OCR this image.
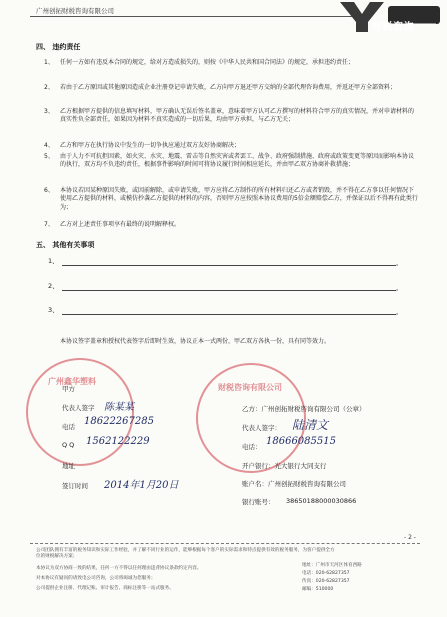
广州创拓财税咨询有限公司
财税咨询
四、 违约责任
1、	任何一方如有违反本合同的规定，给对方造成损失的，则按《中华人民共和国合同法》的规定，承担违约责任；
2、	若由于乙方原因或其他原因造成企业注册登记申请失败，乙方向甲方退还甲方交纳的全部代理咨询费用，并返还甲方全部资料；
3、	乙方根据甲方提供的信息填写材料，甲方确认无误后签名盖章，意味着甲方认可乙方撰写的材料符合甲方的真实情况，并对申请材料的真实性负全部责任，如果因为材料不真实造成的一切后果，均由甲方承担，与乙方无关；
4、	乙方和甲方在执行协议中发生的一切争执应通过双方友好协商解决；
5、	由于人力不可抗拒因素，如火灾、水灾、地震、雷击等自然灾害或者罢工、战争、政府强制措施、政府或政策变更等原因而影响本协议的执行，双方均不负违约责任，根据事件影响的时间可将协议履行时间相应延长，并由甲乙双方协商补救措施；
6、	本协议若因某种原因失败，或因前解除，或申请失败，甲方应将乙方制作的所有材料归还乙方或者销毁，并不得在乙方事以任何情况下使用乙方提供的材料，或模仿抄袭乙方提供的材料的内容，否则甲方应按照本协议费用的5倍金额赔偿乙方，并保证以后不得再有此类行为；
7、	乙方对上述责任事项享有最终的说明解释权。
五、 其他有关事项
1、	。
2、	。
3、	。
本协议签字盖章和授权代表签字后即时生效，协议正本一式两份，甲乙双方各执一份，具有同等效力。
广州鑫华塑料
财税咨询有限公司
甲方
代表人签字 陈某某
电话 18622267285
Q Q 1562122229
地址
签订时间 2014年1月20日
乙方：广州创拓财税咨询有限公司（公章）
代表人签字： 陆清文
电话： 18666085515
开户银行：光大银行大同支行
账户名：广州创拓财税咨询有限公司
银行账号： 38650188000030866
- 2 -
公司团队拥有丰富的税务知识和实际工作经验，并了解不同行业的运作，能够根据每个客户的实际需求和特点提供有效的税务服务，为客户提供全方位的财税解决方案；
本协议为双方协商一致的结果，任何一方不得以任何理由违背协议条款约定内容。
对本协议有疑问的请致电公司咨询，公司将竭诚为您服务；
公司提供企业注册、代理记账、审计报告、商标注册等一站式服务。
地址：广州市天河区体育西路
电话：020-62827357
传真：020-62827357
邮编：510000
